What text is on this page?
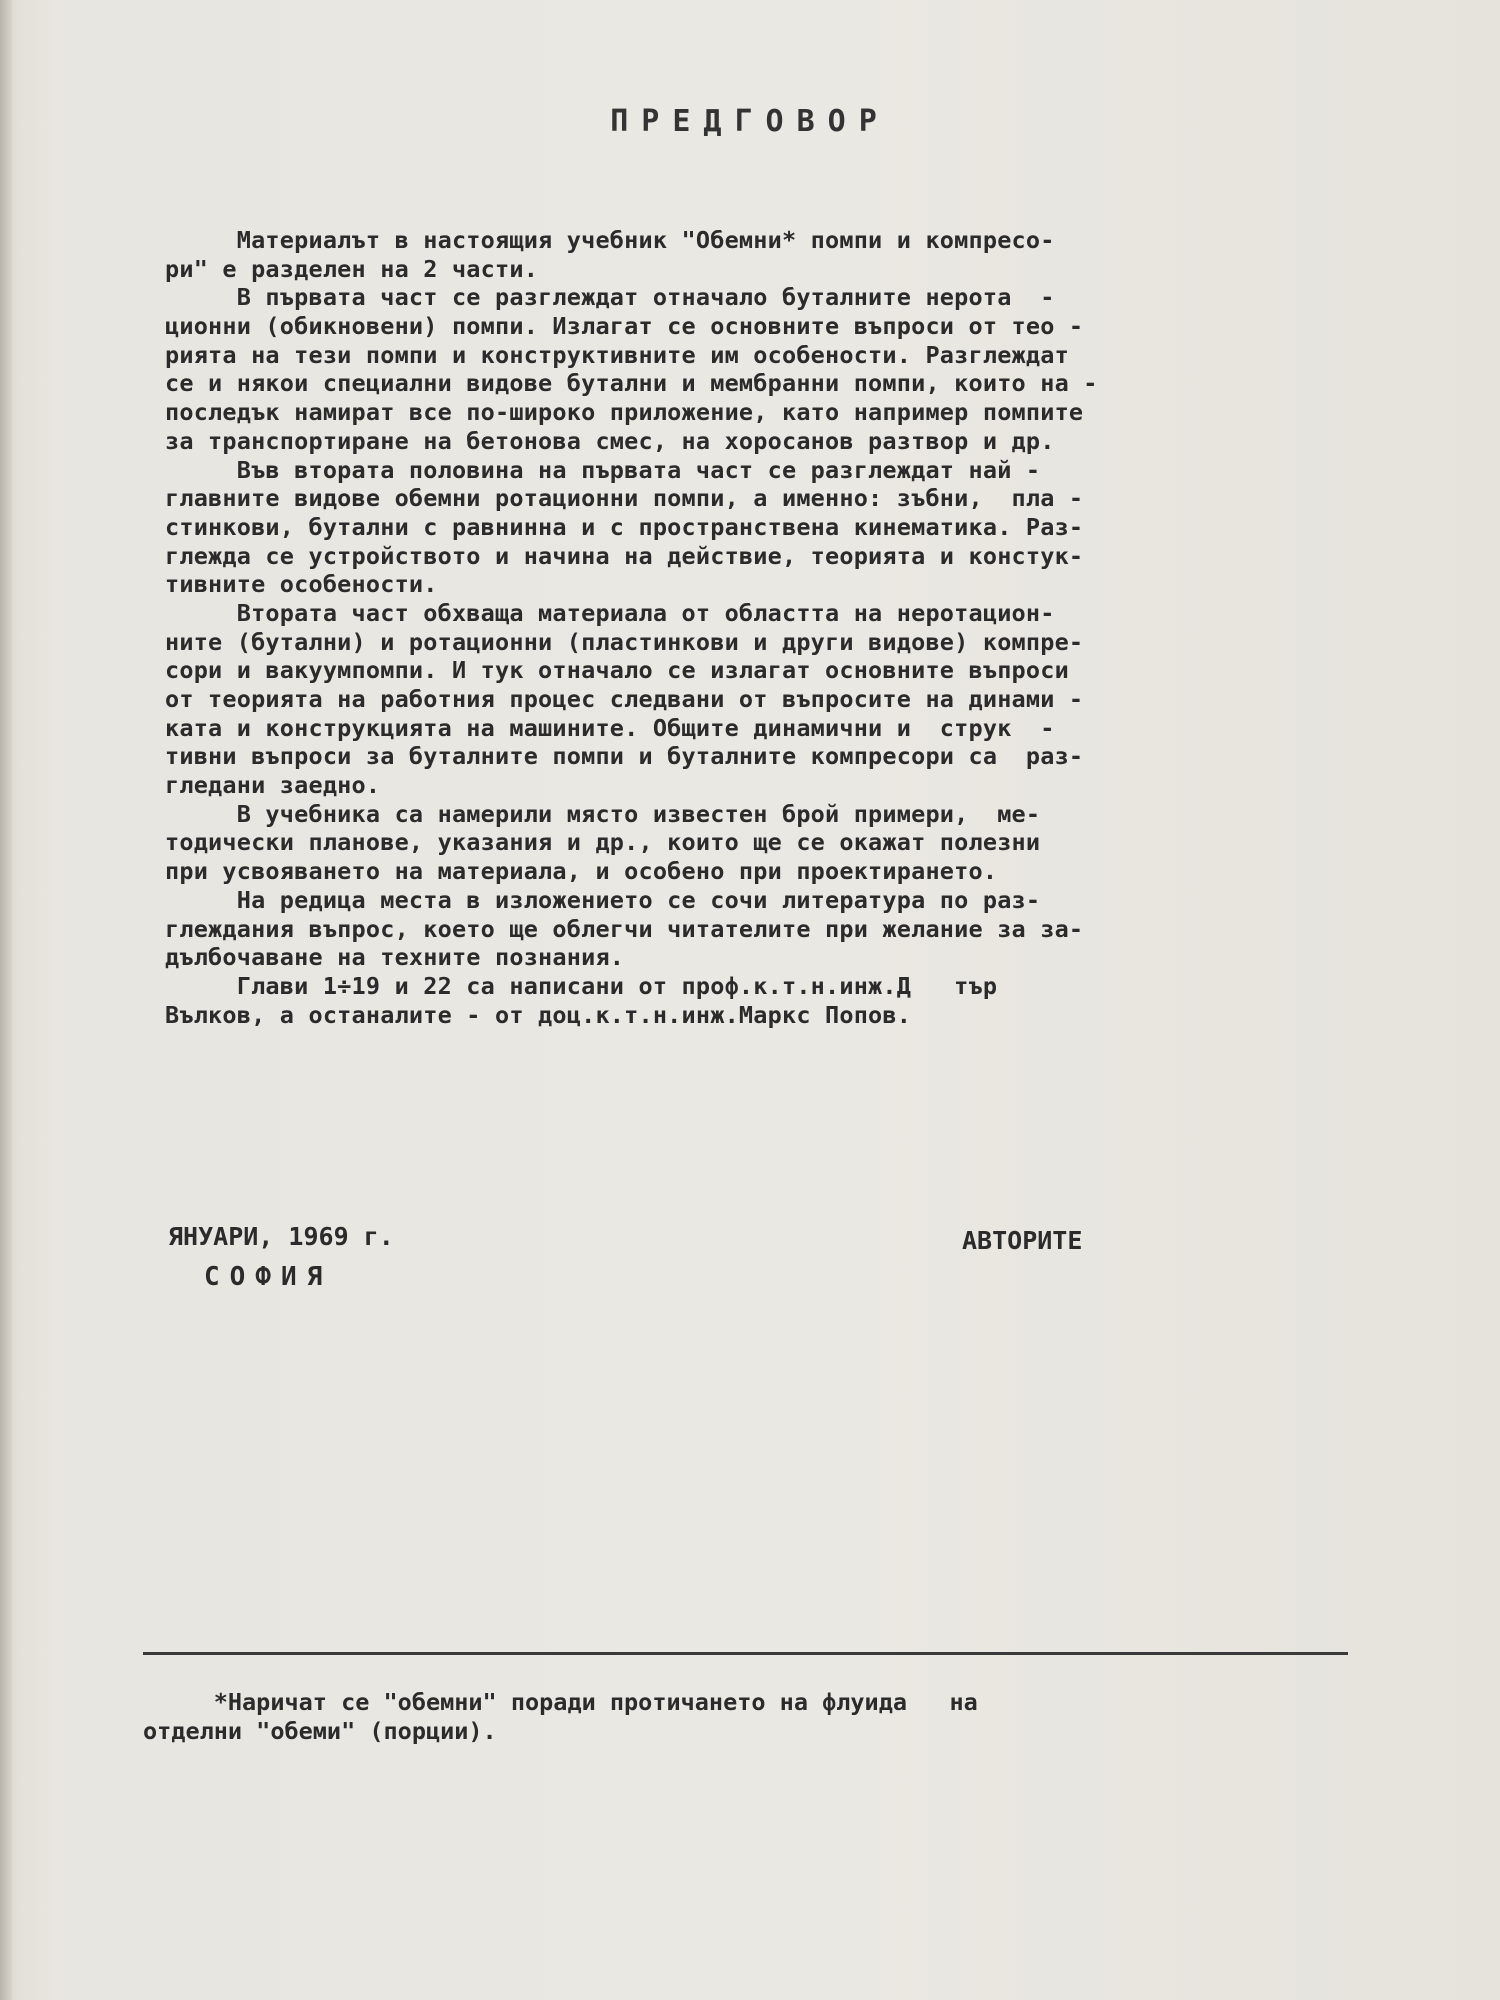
ПРЕДГОВОР
Материалът в настоящия учебник "Обемни* помпи и компресо-
ри" е разделен на 2 части.
В първата част се разглеждат отначало буталните нерота  -
ционни (обикновени) помпи. Излагат се основните въпроси от тео -
рията на тези помпи и конструктивните им особености. Разглеждат
се и някои специални видове бутални и мембранни помпи, които на -
последък намират все по-широко приложение, като например помпите
за транспортиране на бетонова смес, на хоросанов разтвор и др.
Във втората половина на първата част се разглеждат най -
главните видове обемни ротационни помпи, а именно: зъбни,  пла -
стинкови, бутални с равнинна и с пространствена кинематика. Раз-
глежда се устройството и начина на действие, теорията и констук-
тивните особености.
Втората част обхваща материала от областта на неротацион-
ните (бутални) и ротационни (пластинкови и други видове) компре-
сори и вакуумпомпи. И тук отначало се излагат основните въпроси
от теорията на работния процес следвани от въпросите на динами -
ката и конструкцията на машините. Общите динамични и  струк  -
тивни въпроси за буталните помпи и буталните компресори са  раз-
гледани заедно.
В учебника са намерили място известен брой примери,  ме-
тодически планове, указания и др., които ще се окажат полезни
при усвояването на материала, и особено при проектирането.
На редица места в изложението се сочи литература по раз-
глеждания въпрос, което ще облегчи читателите при желание за за-
дълбочаване на техните познания.
Глави 1÷19 и 22 са написани от проф.к.т.н.инж.Д   тър
Вълков, а останалите - от доц.к.т.н.инж.Маркс Попов.
ЯНУАРИ, 1969 г.
СОФИЯ
АВТОРИТЕ
*Наричат се "обемни" поради протичането на флуида   на
отделни "обеми" (порции).
